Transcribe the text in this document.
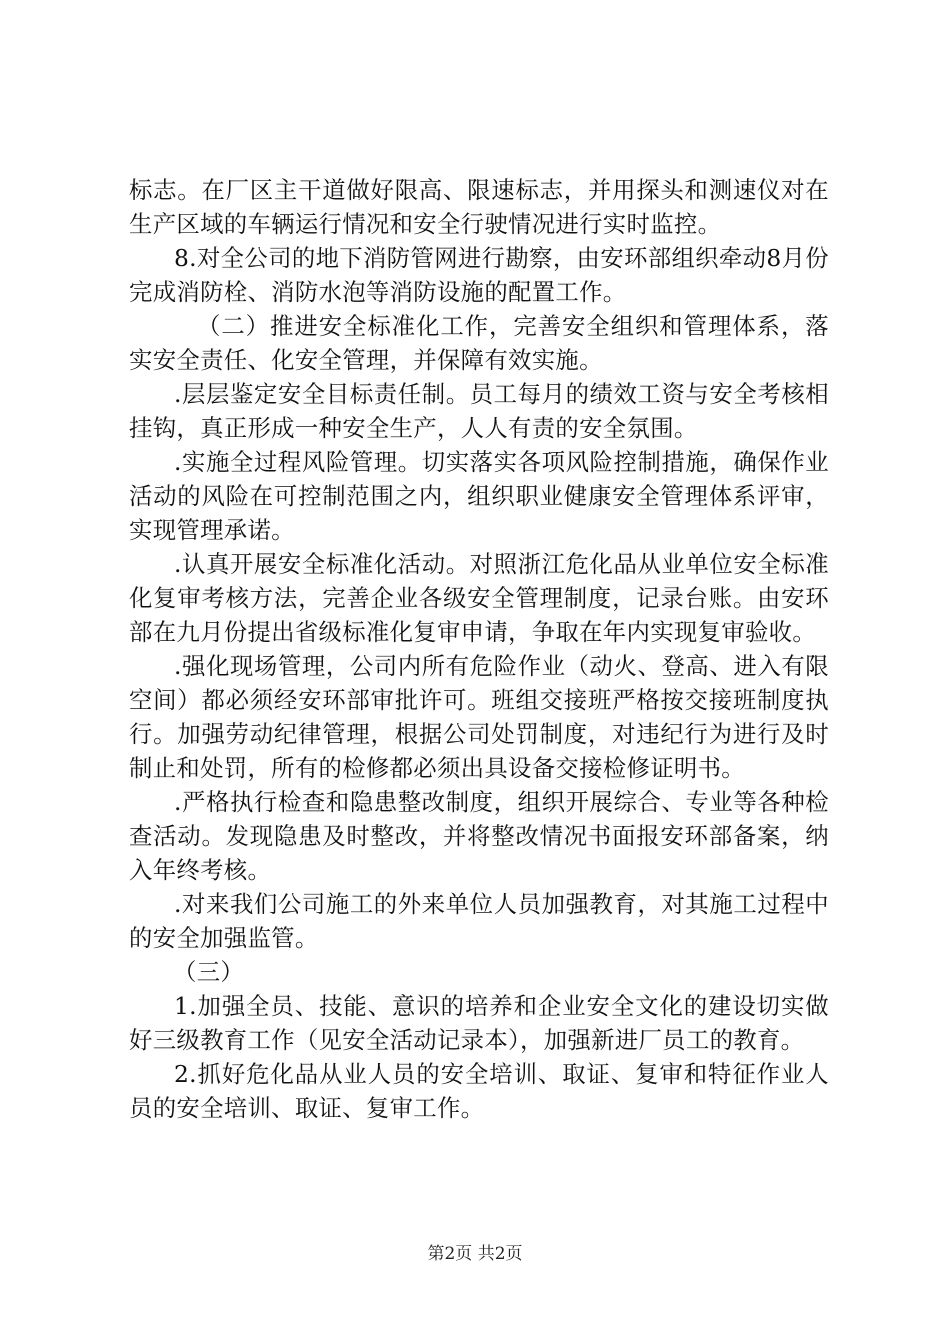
标志。在厂区主干道做好限高、限速标志，并用探头和测速仪对在生产区域的车辆运行情况和安全行驶情况进行实时监控。

8.对全公司的地下消防管网进行勘察，由安环部组织牵动8月份完成消防栓、消防水泡等消防设施的配置工作。

（二）推进安全标准化工作，完善安全组织和管理体系，落实安全责任、化安全管理，并保障有效实施。

.层层鉴定安全目标责任制。员工每月的绩效工资与安全考核相挂钩，真正形成一种安全生产，人人有责的安全氛围。

.实施全过程风险管理。切实落实各项风险控制措施，确保作业活动的风险在可控制范围之内，组织职业健康安全管理体系评审，实现管理承诺。

.认真开展安全标准化活动。对照浙江危化品从业单位安全标准化复审考核方法，完善企业各级安全管理制度，记录台账。由安环部在九月份提出省级标准化复审申请，争取在年内实现复审验收。

.强化现场管理，公司内所有危险作业（动火、登高、进入有限空间）都必须经安环部审批许可。班组交接班严格按交接班制度执行。加强劳动纪律管理，根据公司处罚制度，对违纪行为进行及时制止和处罚，所有的检修都必须出具设备交接检修证明书。

.严格执行检查和隐患整改制度，组织开展综合、专业等各种检查活动。发现隐患及时整改，并将整改情况书面报安环部备案，纳入年终考核。

.对来我们公司施工的外来单位人员加强教育，对其施工过程中的安全加强监管。

（三）

1.加强全员、技能、意识的培养和企业安全文化的建设切实做好三级教育工作（见安全活动记录本），加强新进厂员工的教育。

2.抓好危化品从业人员的安全培训、取证、复审和特征作业人员的安全培训、取证、复审工作。

第2页 共2页
